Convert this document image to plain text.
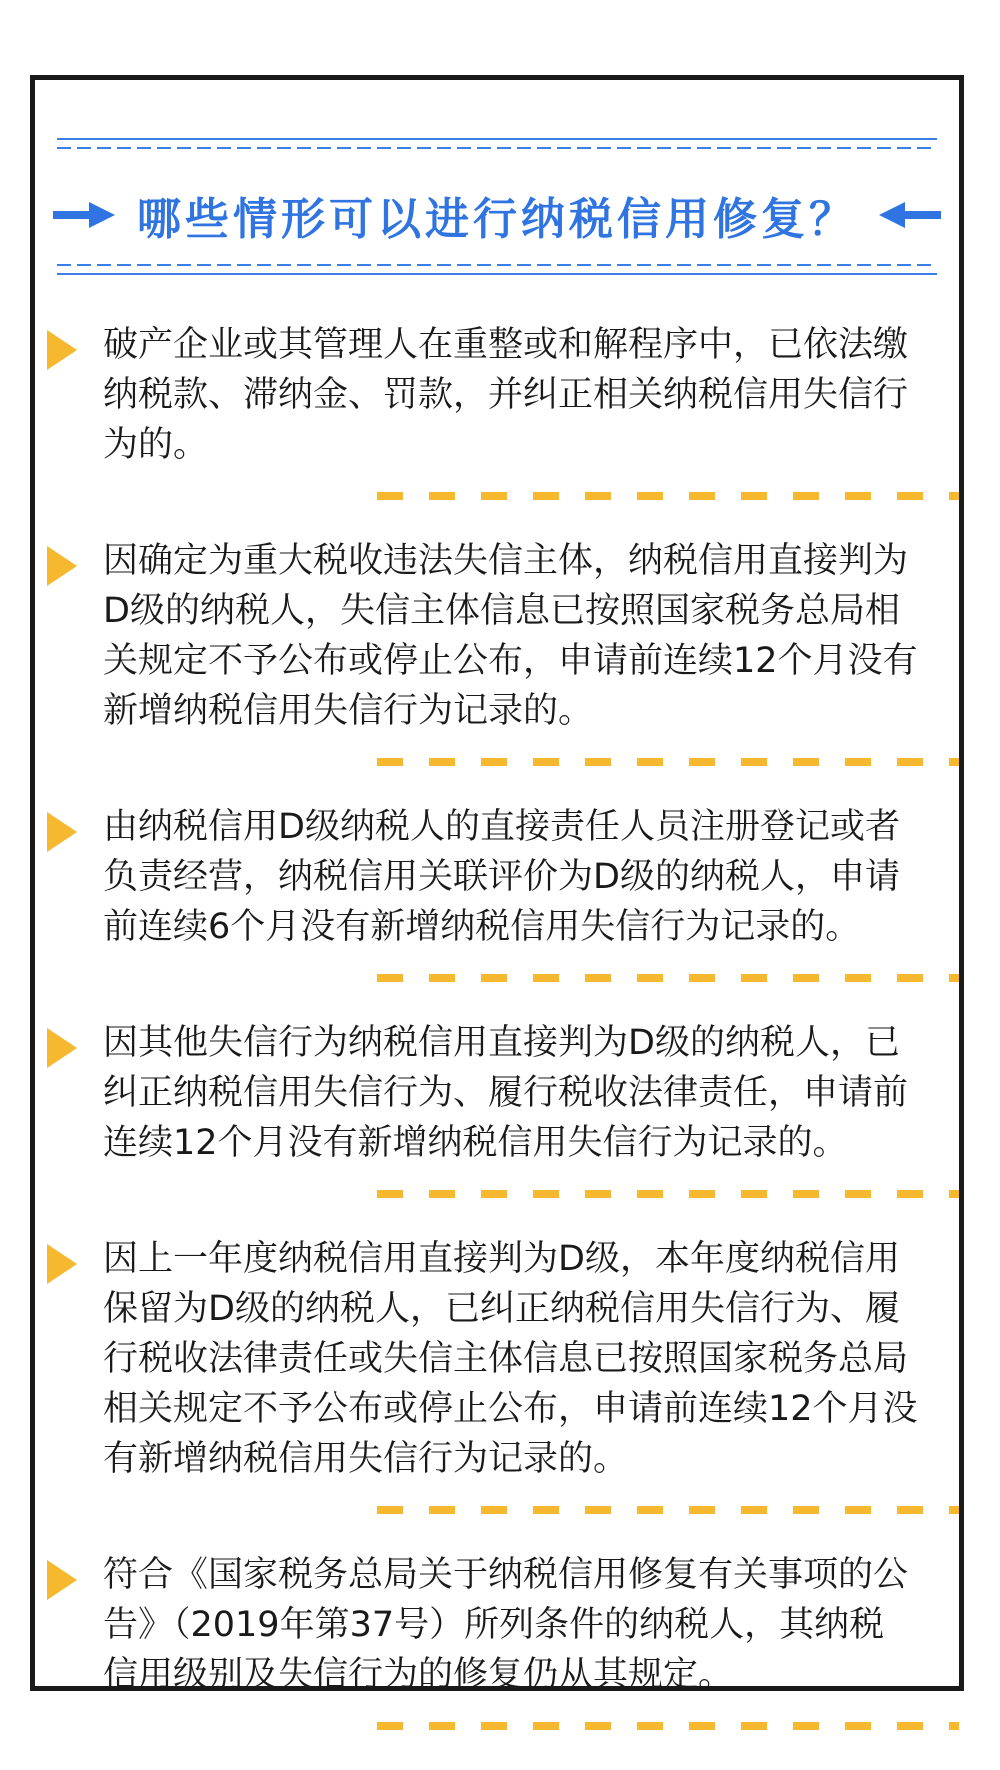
哪些情形可以进行纳税信用修复？
破产企业或其管理人在重整或和解程序中，已依法缴纳税款、滞纳金、罚款，并纠正相关纳税信用失信行为的。
因确定为重大税收违法失信主体，纳税信用直接判为D级的纳税人，失信主体信息已按照国家税务总局相关规定不予公布或停止公布，申请前连续12个月没有新增纳税信用失信行为记录的。
由纳税信用D级纳税人的直接责任人员注册登记或者负责经营，纳税信用关联评价为D级的纳税人，申请前连续6个月没有新增纳税信用失信行为记录的。
因其他失信行为纳税信用直接判为D级的纳税人，已纠正纳税信用失信行为、履行税收法律责任，申请前连续12个月没有新增纳税信用失信行为记录的。
因上一年度纳税信用直接判为D级，本年度纳税信用保留为D级的纳税人，已纠正纳税信用失信行为、履行税收法律责任或失信主体信息已按照国家税务总局相关规定不予公布或停止公布，申请前连续12个月没有新增纳税信用失信行为记录的。
符合《国家税务总局关于纳税信用修复有关事项的公告》（2019年第37号）所列条件的纳税人，其纳税信用级别及失信行为的修复仍从其规定。
